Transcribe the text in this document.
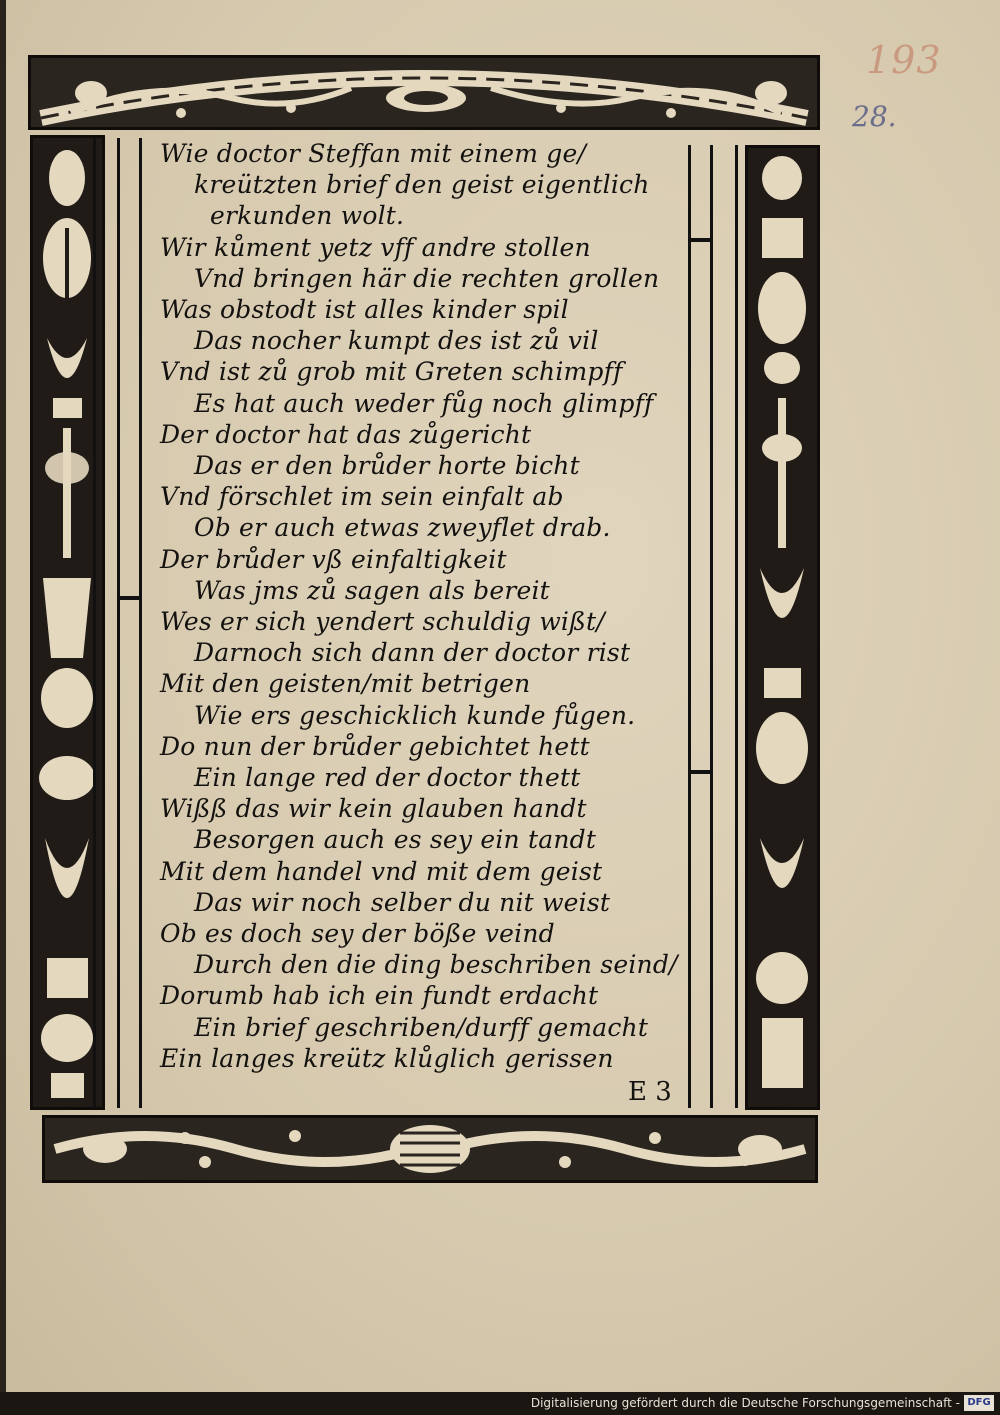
193
28.
Wie doctor Steffan mit einem ge/
kreützten brief den geist eigentlich
erkunden wolt.
Wir kůment yetz vff andre stollen
Vnd bringen här die rechten grollen
Was obstodt ist alles kinder spil
Das nocher kumpt des ist zů vil
Vnd ist zů grob mit Greten schimpff
Es hat auch weder fůg noch glimpff
Der doctor hat das zůgericht
Das er den brůder horte bicht
Vnd förschlet im sein einfalt ab
Ob er auch etwas zweyflet drab.
Der brůder vß einfaltigkeit
Was jms zů sagen als bereit
Wes er sich yendert schuldig wißt/
Darnoch sich dann der doctor rist
Mit den geisten/mit betrigen
Wie ers geschicklich kunde fůgen.
Do nun der brůder gebichtet hett
Ein lange red der doctor thett
Wißß das wir kein glauben handt
Besorgen auch es sey ein tandt
Mit dem handel vnd mit dem geist
Das wir noch selber du nit weist
Ob es doch sey der böße veind
Durch den die ding beschriben seind/
Dorumb hab ich ein fundt erdacht
Ein brief geschriben/durff gemacht
Ein langes kreütz klůglich gerissen
E 3
Digitalisierung gefördert durch die Deutsche Forschungsgemeinschaft - DFG
